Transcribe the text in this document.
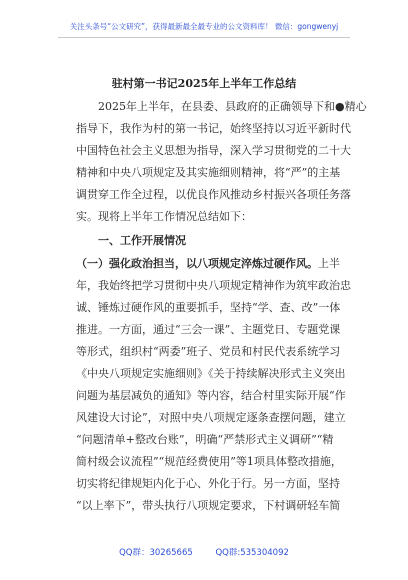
关注头条号“公文研究”，获得最新最全最专业的公文资料库！ 微信：gongwenyj
驻村第一书记2025年上半年工作总结
　　2025年上半年，在县委、县政府的正确领导下和●精心
指导下，我作为村的第一书记，始终坚持以习近平新时代
中国特色社会主义思想为指导，深入学习贯彻党的二十大
精神和中央八项规定及其实施细则精神，将“严”的主基
调贯穿工作全过程，以优良作风推动乡村振兴各项任务落
实。现将上半年工作情况总结如下：
　　一、工作开展情况
（一）强化政治担当，以八项规定淬炼过硬作风。上半
年，我始终把学习贯彻中央八项规定精神作为筑牢政治忠
诚、锤炼过硬作风的重要抓手，坚持“学、查、改”一体
推进。一方面，通过“三会一课”、主题党日、专题党课
等形式，组织村“两委”班子、党员和村民代表系统学习
《中央八项规定实施细则》《关于持续解决形式主义突出
问题为基层减负的通知》等内容，结合村里实际开展“作
风建设大讨论”，对照中央八项规定逐条查摆问题，建立
“问题清单+整改台账”，明确“严禁形式主义调研”“精
简村级会议流程”“规范经费使用”等1项具体整改措施，
切实将纪律规矩内化于心、外化于行。另一方面，坚持
“以上率下”，带头执行八项规定要求，下村调研轻车简
QQ群：30265665	QQ群:535304092
